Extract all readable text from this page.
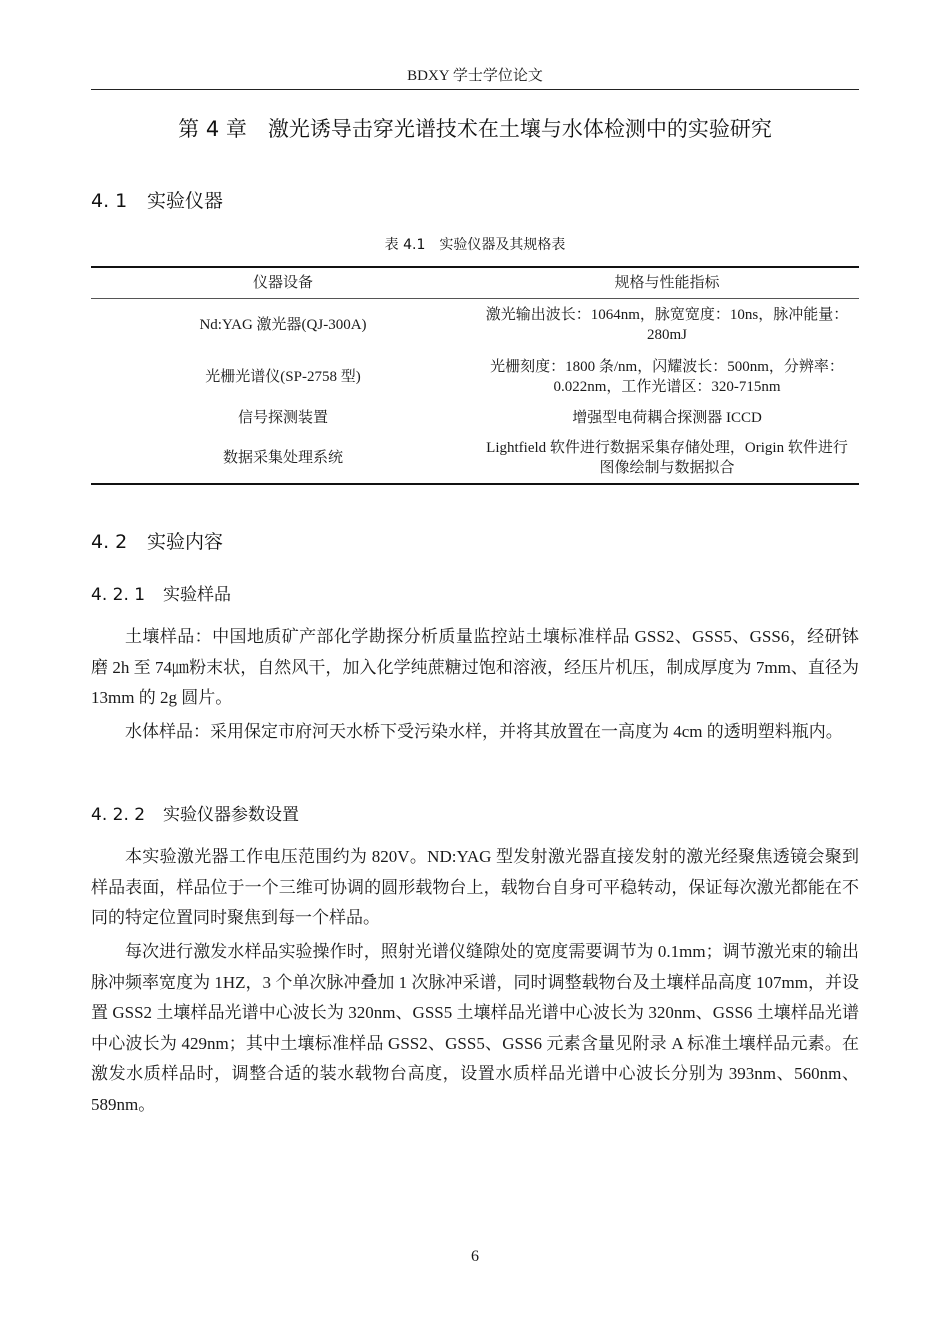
BDXY 学士学位论文
第 4 章　激光诱导击穿光谱技术在土壤与水体检测中的实验研究
4. 1 实验仪器
表 4.1　实验仪器及其规格表
仪器设备	规格与性能指标
Nd:YAG 激光器(QJ-300A)	激光输出波长：1064nm，脉宽宽度：10ns，脉冲能量：280mJ
光栅光谱仪(SP-2758 型)	光栅刻度：1800 条/nm，闪耀波长：500nm，分辨率：0.022nm，工作光谱区：320-715nm
信号探测装置	增强型电荷耦合探测器 ICCD
数据采集处理系统	Lightfield 软件进行数据采集存储处理，Origin 软件进行图像绘制与数据拟合
4. 2 实验内容
4. 2. 1 实验样品

土壤样品：中国地质矿产部化学勘探分析质量监控站土壤标准样品 GSS2、GSS5、GSS6，经研钵磨 2h 至 74㎛粉末状，自然风干，加入化学纯蔗糖过饱和溶液，经压片机压，制成厚度为 7mm、直径为 13mm 的 2g 圆片。

水体样品：采用保定市府河天水桥下受污染水样，并将其放置在一高度为 4cm 的透明塑料瓶内。

4. 2. 2 实验仪器参数设置

本实验激光器工作电压范围约为 820V。ND:YAG 型发射激光器直接发射的激光经聚焦透镜会聚到样品表面，样品位于一个三维可协调的圆形载物台上，载物台自身可平稳转动，保证每次激光都能在不同的特定位置同时聚焦到每一个样品。

每次进行激发水样品实验操作时，照射光谱仪缝隙处的宽度需要调节为 0.1mm；调节激光束的输出脉冲频率宽度为 1HZ，3 个单次脉冲叠加 1 次脉冲采谱，同时调整载物台及土壤样品高度 107mm，并设置 GSS2 土壤样品光谱中心波长为 320nm、GSS5 土壤样品光谱中心波长为 320nm、GSS6 土壤样品光谱中心波长为 429nm；其中土壤标准样品 GSS2、GSS5、GSS6 元素含量见附录 A 标准土壤样品元素。在激发水质样品时，调整合适的装水载物台高度，设置水质样品光谱中心波长分别为 393nm、560nm、589nm。

6
